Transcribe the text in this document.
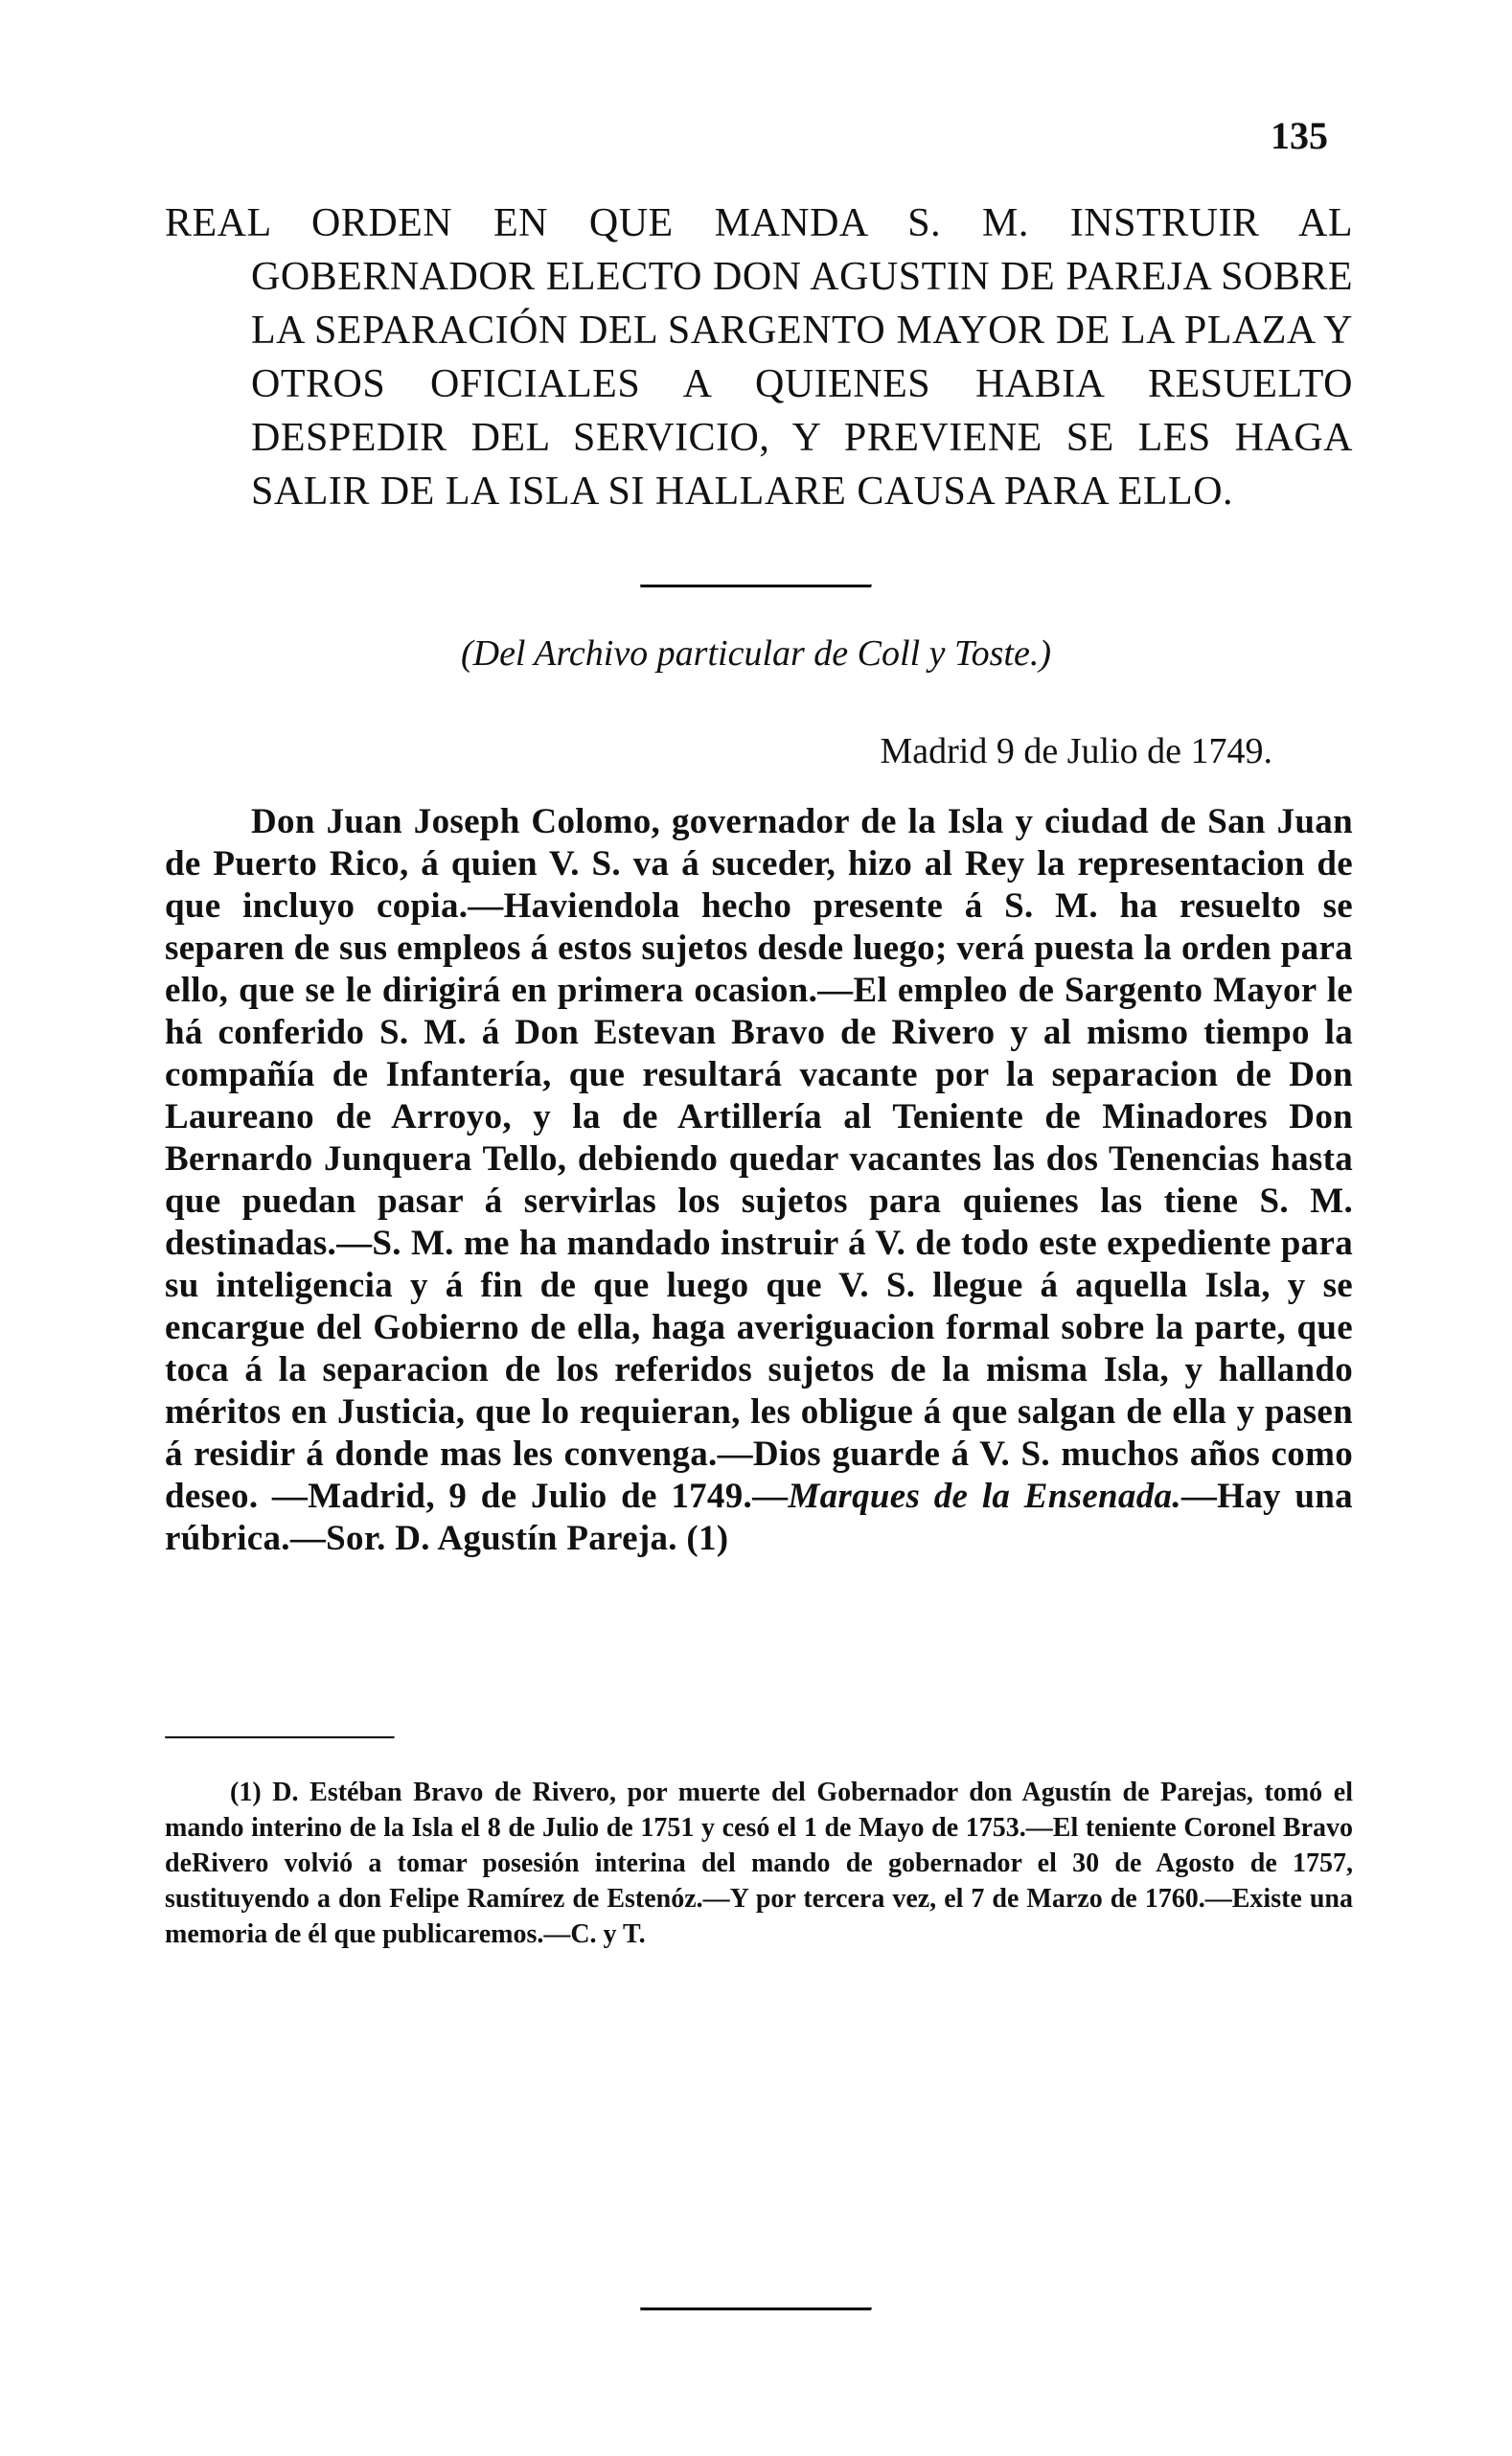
135

REAL ORDEN EN QUE MANDA S. M. INSTRUIR AL GOBERNADOR ELECTO DON AGUSTIN DE PAREJA SOBRE LA SEPARACIÓN DEL SARGENTO MAYOR DE LA PLAZA Y OTROS OFICIALES A QUIENES HABIA RESUELTO DESPEDIR DEL SERVICIO, Y PREVIENE SE LES HAGA SALIR DE LA ISLA SI HALLARE CAUSA PARA ELLO.

(Del Archivo particular de Coll y Toste.)

Madrid 9 de Julio de 1749.

Don Juan Joseph Colomo, governador de la Isla y ciudad de San Juan de Puerto Rico, á quien V. S. va á suceder, hizo al Rey la representacion de que incluyo copia.—Haviendola hecho presente á S. M. ha resuelto se separen de sus empleos á estos sujetos desde luego; verá puesta la orden para ello, que se le dirigirá en primera ocasion.—El empleo de Sargento Mayor le há conferido S. M. á Don Estevan Bravo de Rivero y al mismo tiempo la compañía de Infantería, que resultará vacante por la separacion de Don Laureano de Arroyo, y la de Artillería al Teniente de Minadores Don Bernardo Junquera Tello, debiendo quedar vacantes las dos Tenencias hasta que puedan pasar á servirlas los sujetos para quienes las tiene S. M. destinadas.—S. M. me ha mandado instruir á V. de todo este expediente para su inteligencia y á fin de que luego que V. S. llegue á aquella Isla, y se encargue del Gobierno de ella, haga averiguacion formal sobre la parte, que toca á la separacion de los referidos sujetos de la misma Isla, y hallando méritos en Justicia, que lo requieran, les obligue á que salgan de ella y pasen á residir á donde mas les convenga.—Dios guarde á V. S. muchos años como deseo. —Madrid, 9 de Julio de 1749.—Marques de la Ensenada.—Hay una rúbrica.—Sor. D. Agustín Pareja. (1)

(1) D. Estéban Bravo de Rivero, por muerte del Gobernador don Agustín de Parejas, tomó el mando interino de la Isla el 8 de Julio de 1751 y cesó el 1 de Mayo de 1753.—El teniente Coronel Bravo deRivero volvió a tomar posesión interina del mando de gobernador el 30 de Agosto de 1757, sustituyendo a don Felipe Ramírez de Estenóz.—Y por tercera vez, el 7 de Marzo de 1760.—Existe una memoria de él que publicaremos.—C. y T.
